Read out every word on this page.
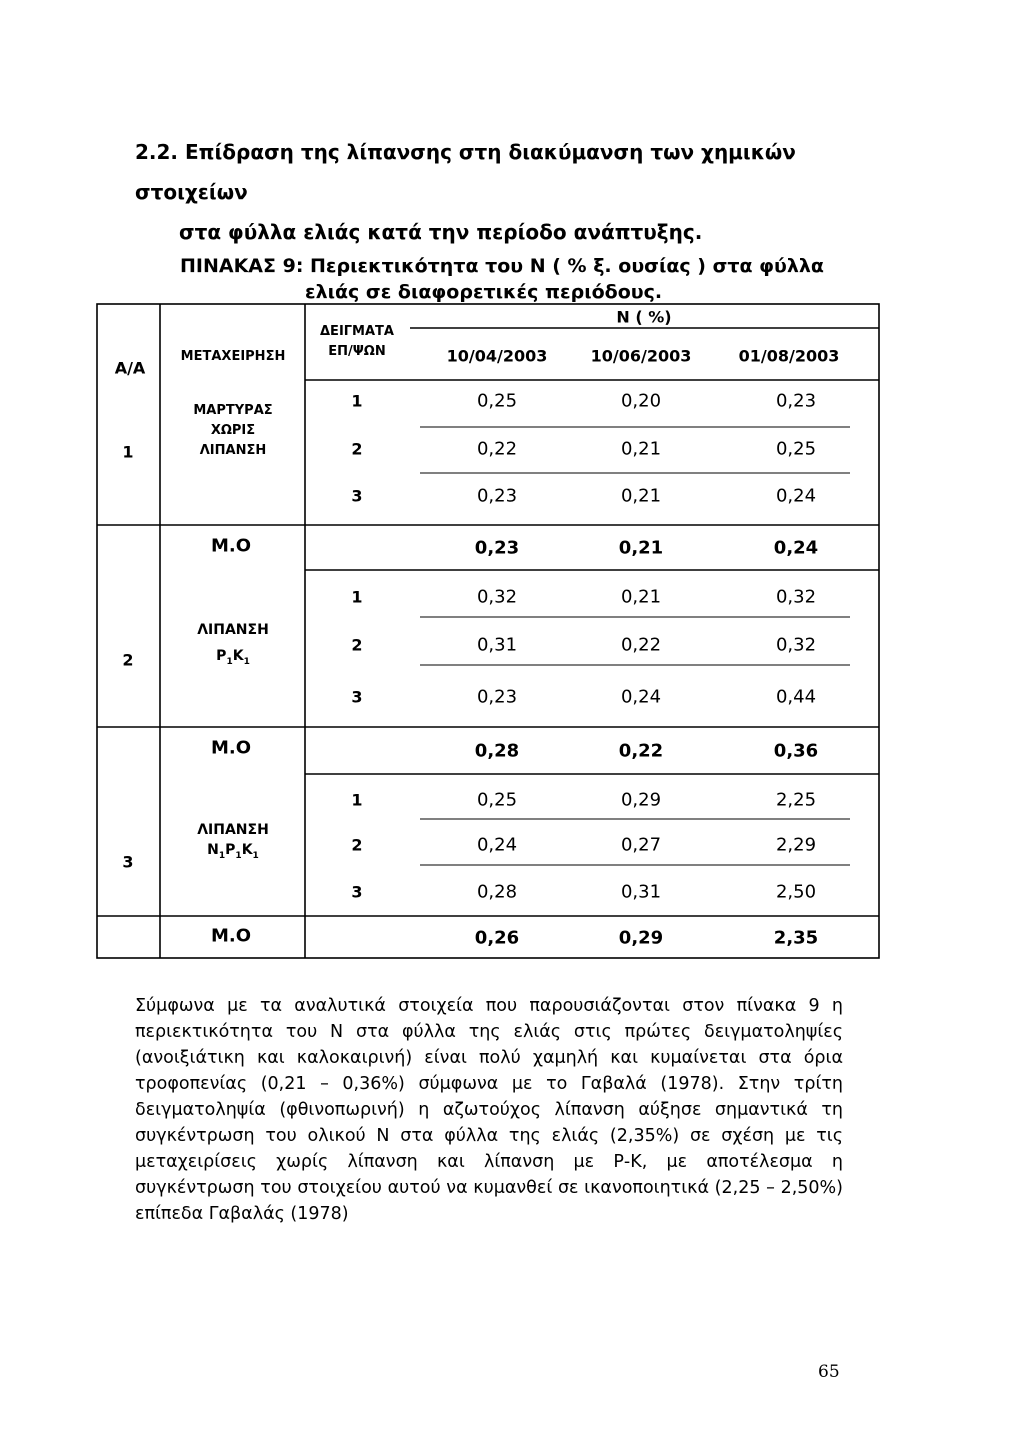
2.2. Επίδραση της λίπανσης στη διακύμανση των χημικών στοιχείων
στα φύλλα ελιάς κατά την περίοδο ανάπτυξης.
ΠΙΝΑΚΑΣ 9: Περιεκτικότητα του Ν ( % ξ. ουσίας ) στα φύλλα
ελιάς σε διαφορετικές περιόδους.
Α/Α
ΜΕΤΑΧΕΙΡΗΣΗ
ΔΕΙΓΜΑΤΑ
ΕΠ/ΨΩΝ
Ν ( %)
10/04/2003	10/06/2003	01/08/2003
1
ΜΑΡΤΥΡΑΣ
ΧΩΡΙΣ
ΛΙΠΑΝΣΗ
1	0,25	0,20	0,23
2	0,22	0,21	0,25
3	0,23	0,21	0,24
Μ.Ο	0,23	0,21	0,24
2
ΛΙΠΑΝΣΗ
$P_1K_1$
1	0,32	0,21	0,32
2	0,31	0,22	0,32
3	0,23	0,24	0,44
Μ.Ο	0,28	0,22	0,36
3
ΛΙΠΑΝΣΗ
$N_1P_1K_1$
1	0,25	0,29	2,25
2	0,24	0,27	2,29
3	0,28	0,31	2,50
Μ.Ο	0,26	0,29	2,35
Σύμφωνα με τα αναλυτικά στοιχεία που παρουσιάζονται στον πίνακα 9 η περιεκτικότητα του Ν στα φύλλα της ελιάς στις πρώτες δειγματοληψίες (ανοιξιάτικη και καλοκαιρινή) είναι πολύ χαμηλή και κυμαίνεται στα όρια τροφοπενίας (0,21 – 0,36%) σύμφωνα με το Γαβαλά (1978). Στην τρίτη δειγματοληψία (φθινοπωρινή) η αζωτούχος λίπανση αύξησε σημαντικά τη συγκέντρωση του ολικού Ν στα φύλλα της ελιάς (2,35%) σε σχέση με τις μεταχειρίσεις χωρίς λίπανση και λίπανση με Ρ-Κ, με αποτέλεσμα η συγκέντρωση του στοιχείου αυτού να κυμανθεί σε ικανοποιητικά (2,25 – 2,50%) επίπεδα Γαβαλάς (1978)
65
